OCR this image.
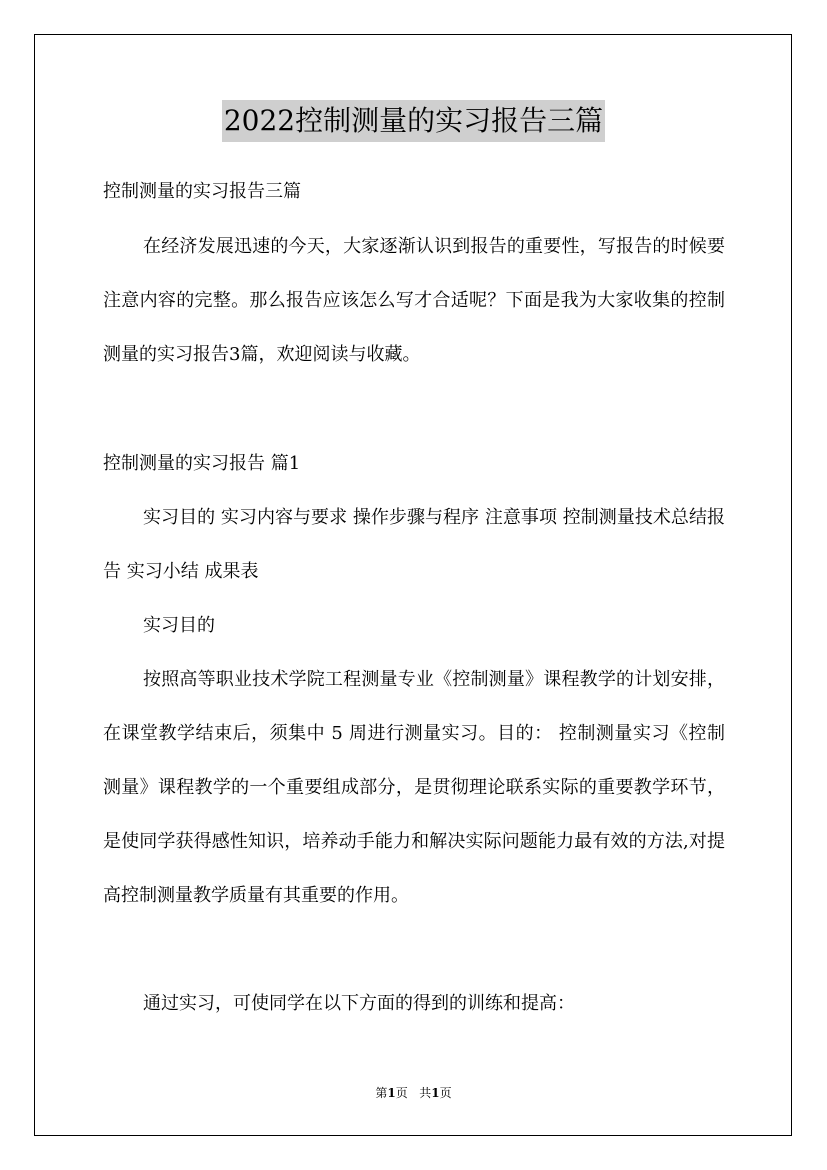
2022控制测量的实习报告三篇

控制测量的实习报告三篇

在经济发展迅速的今天，大家逐渐认识到报告的重要性，写报告的时候要注意内容的完整。那么报告应该怎么写才合适呢？下面是我为大家收集的控制测量的实习报告3篇，欢迎阅读与收藏。

控制测量的实习报告 篇1

实习目的 实习内容与要求 操作步骤与程序 注意事项 控制测量技术总结报告 实习小结 成果表

实习目的

按照高等职业技术学院工程测量专业《控制测量》课程教学的计划安排，在课堂教学结束后，须集中 5 周进行测量实习。目的： 控制测量实习《控制测量》课程教学的一个重要组成部分，是贯彻理论联系实际的重要教学环节，是使同学获得感性知识，培养动手能力和解决实际问题能力最有效的方法,对提 高控制测量教学质量有其重要的作用。

通过实习，可使同学在以下方面的得到的训练和提高：

第1页 共1页
